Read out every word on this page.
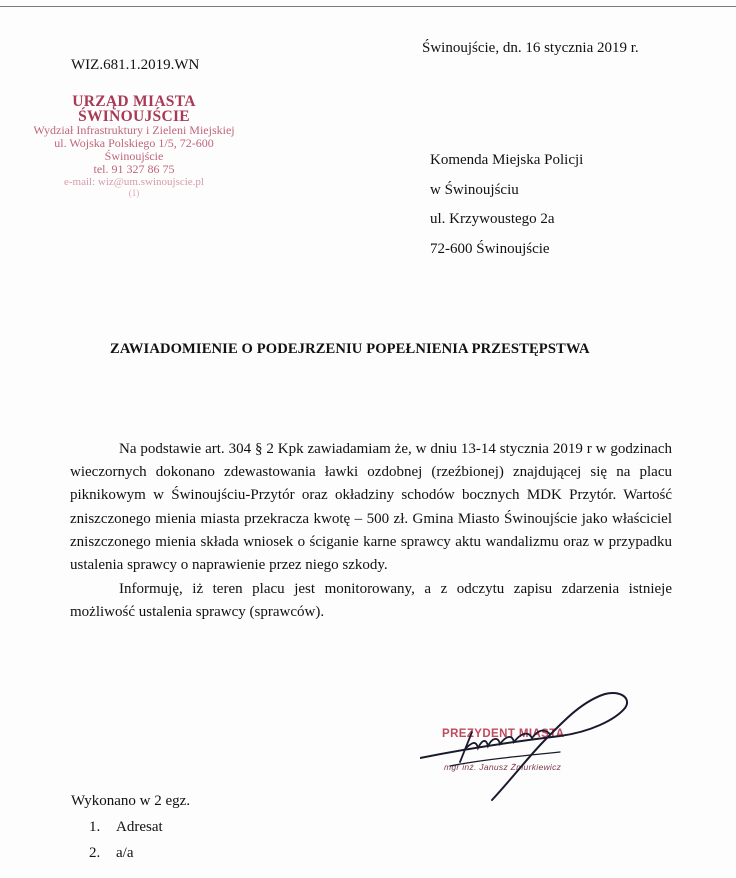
WIZ.681.1.2019.WN
Świnoujście, dn. 16 stycznia 2019 r.
URZĄD MIASTA ŚWINOUJŚCIE
Wydział Infrastruktury i Zieleni Miejskiej
ul. Wojska Polskiego 1/5, 72-600 Świnoujście
tel. 91 327 86 75
e-mail: wiz@um.swinoujscie.pl
(1)
Komenda Miejska Policji
w Świnoujściu
ul. Krzywoustego 2a
72-600 Świnoujście
ZAWIADOMIENIE O PODEJRZENIU POPEŁNIENIA PRZESTĘPSTWA

Na podstawie art. 304 § 2 Kpk zawiadamiam że, w dniu 13-14 stycznia 2019 r w godzinach wieczornych dokonano zdewastowania ławki ozdobnej (rzeźbionej) znajdującej się na placu piknikowym w Świnoujściu-Przytór oraz okładziny schodów bocznych MDK Przytór. Wartość zniszczonego mienia miasta przekracza kwotę – 500 zł. Gmina Miasto Świnoujście jako właściciel zniszczonego mienia składa wniosek o ściganie karne sprawcy aktu wandalizmu oraz w przypadku ustalenia sprawcy o naprawienie przez niego szkody.

Informuję, iż teren placu jest monitorowany, a z odczytu zapisu zdarzenia istnieje możliwość ustalenia sprawcy (sprawców).

PREZYDENT MIASTA
mgr inż. Janusz Żmurkiewicz
Wykonano w 2 egz.
1.	Adresat
2.	a/a
